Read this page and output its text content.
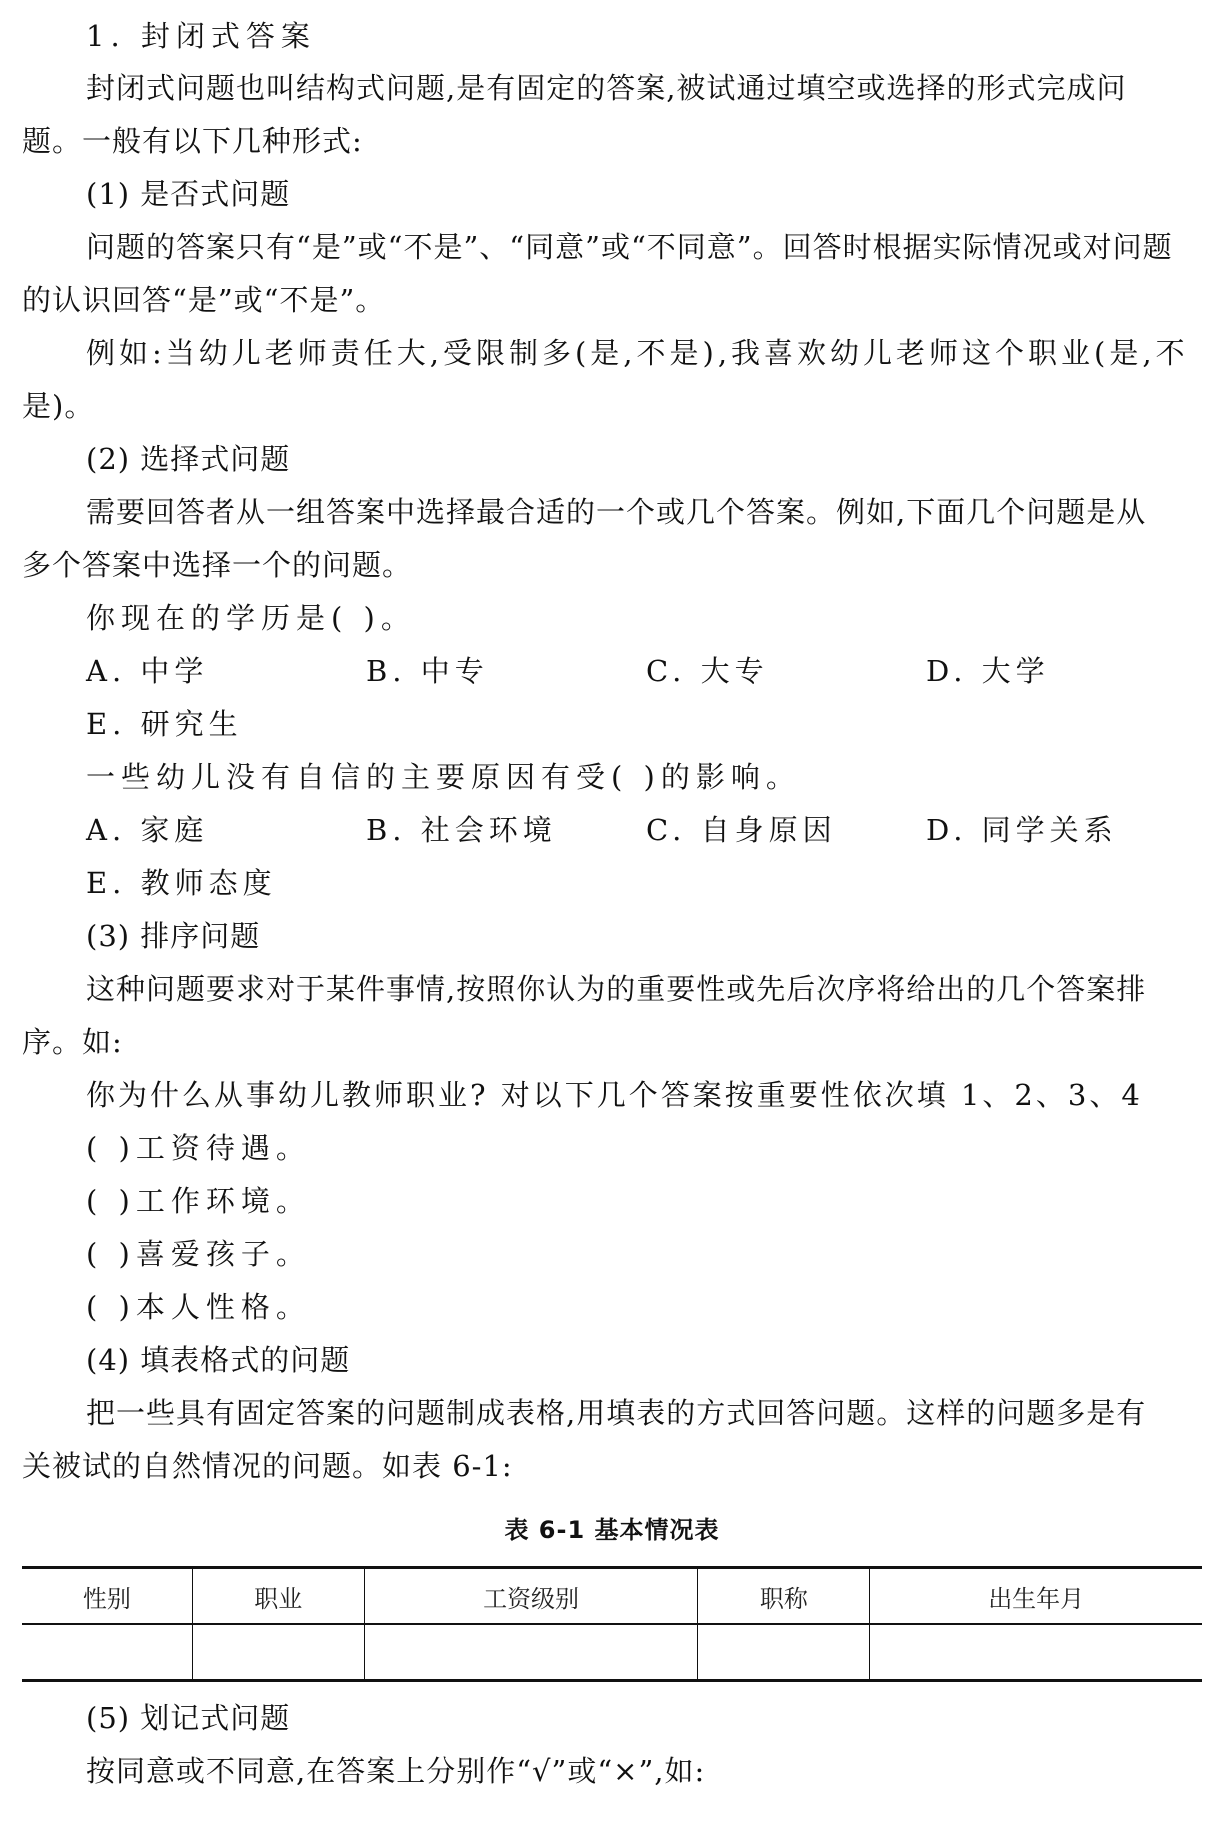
1. 封闭式答案
封闭式问题也叫结构式问题,是有固定的答案,被试通过填空或选择的形式完成问
题。一般有以下几种形式:
(1) 是否式问题
问题的答案只有“是”或“不是”、“同意”或“不同意”。回答时根据实际情况或对问题
的认识回答“是”或“不是”。
例如:当幼儿老师责任大,受限制多(是,不是),我喜欢幼儿老师这个职业(是,不
是)。
(2) 选择式问题
需要回答者从一组答案中选择最合适的一个或几个答案。例如,下面几个问题是从
多个答案中选择一个的问题。
你现在的学历是( )。
A. 中学	B. 中专	C. 大专	D. 大学
E. 研究生
一些幼儿没有自信的主要原因有受( )的影响。
A. 家庭	B. 社会环境	C. 自身原因	D. 同学关系
E. 教师态度
(3) 排序问题
这种问题要求对于某件事情,按照你认为的重要性或先后次序将给出的几个答案排
序。如:
你为什么从事幼儿教师职业? 对以下几个答案按重要性依次填 1、2、3、4
( )工资待遇。
( )工作环境。
( )喜爱孩子。
( )本人性格。
(4) 填表格式的问题
把一些具有固定答案的问题制成表格,用填表的方式回答问题。这样的问题多是有
关被试的自然情况的问题。如表 6-1:
表 6-1 基本情况表
性别	职业	工资级别	职称	出生年月

(5) 划记式问题
按同意或不同意,在答案上分别作“√”或“×”,如:
